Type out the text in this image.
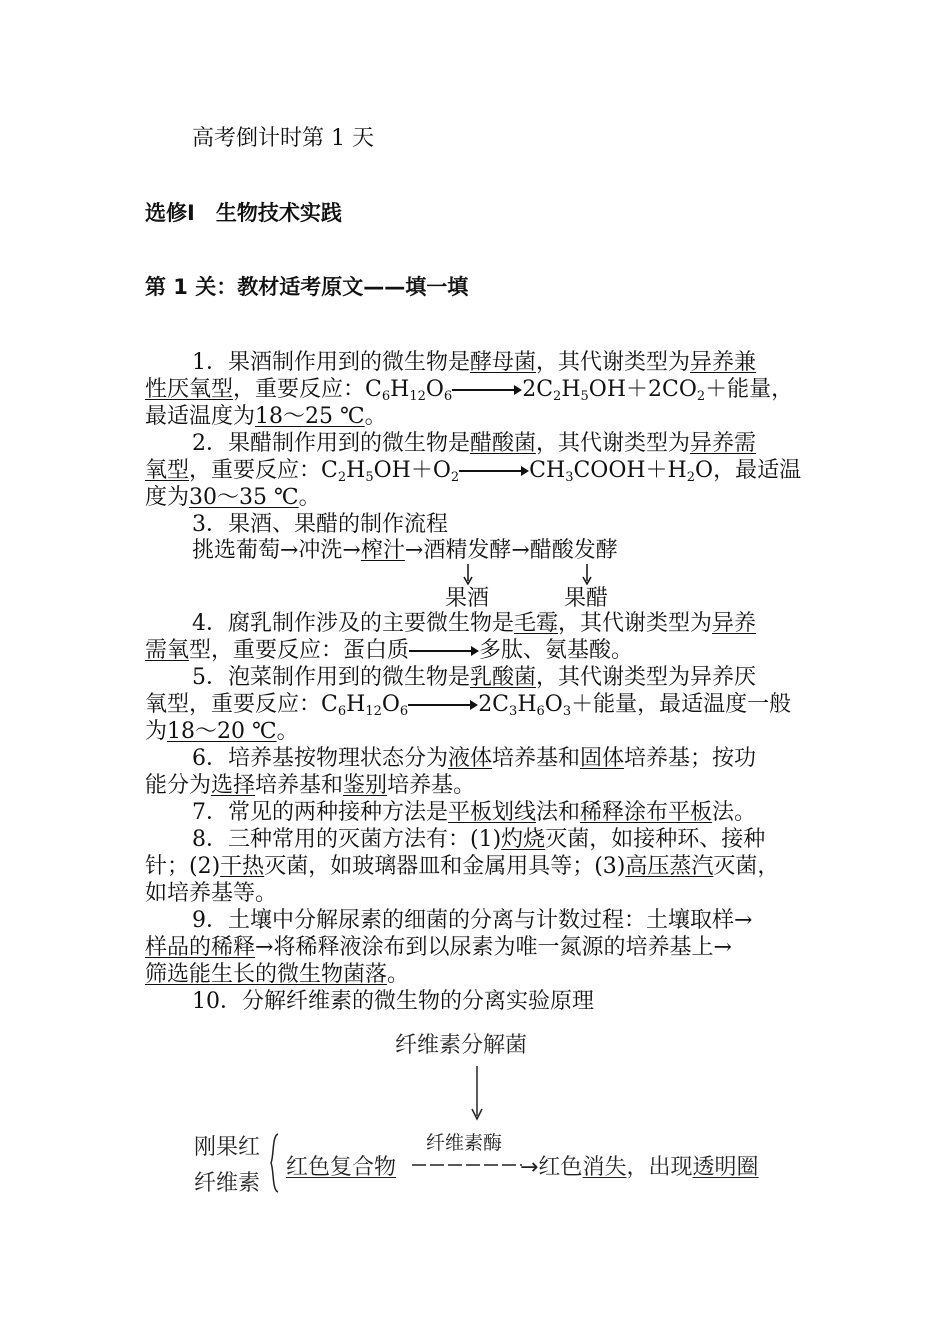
高考倒计时第 1 天
选修Ⅰ　生物技术实践
第 1 关：教材适考原文——填一填
1．果酒制作用到的微生物是酵母菌，其代谢类型为异养兼
性厌氧型，重要反应：$C_6H_{12}O_6\to 2C_2H_5OH+2CO_2+$能量，
最适温度为18～25 ℃。
2．果醋制作用到的微生物是醋酸菌，其代谢类型为异养需
氧型，重要反应：$C_2H_5OH+O_2\to CH_3COOH+H_2O$，最适温
度为30～35 ℃。
3．果酒、果醋的制作流程
挑选葡萄→冲洗→榨汁→酒精发酵→醋酸发酵
果酒	果醋
4．腐乳制作涉及的主要微生物是毛霉，其代谢类型为异养
需氧型，重要反应：蛋白质→多肽、氨基酸。
5．泡菜制作用到的微生物是乳酸菌，其代谢类型为异养厌
氧型，重要反应：$C_6H_{12}O_6\to 2C_3H_6O_3+$能量，最适温度一般
为18～20 ℃。
6．培养基按物理状态分为液体培养基和固体培养基；按功
能分为选择培养基和鉴别培养基。
7．常见的两种接种方法是平板划线法和稀释涂布平板法。
8．三种常用的灭菌方法有：(1)灼烧灭菌，如接种环、接种
针；(2)干热灭菌，如玻璃器皿和金属用具等；(3)高压蒸汽灭菌，
如培养基等。
9．土壤中分解尿素的细菌的分离与计数过程：土壤取样→
样品的稀释→将稀释液涂布到以尿素为唯一氮源的培养基上→
筛选能生长的微生物菌落。
10．分解纤维素的微生物的分离实验原理
纤维素分解菌
刚果红
纤维素
红色复合物
纤维素酶
→红色消失，出现透明圈
